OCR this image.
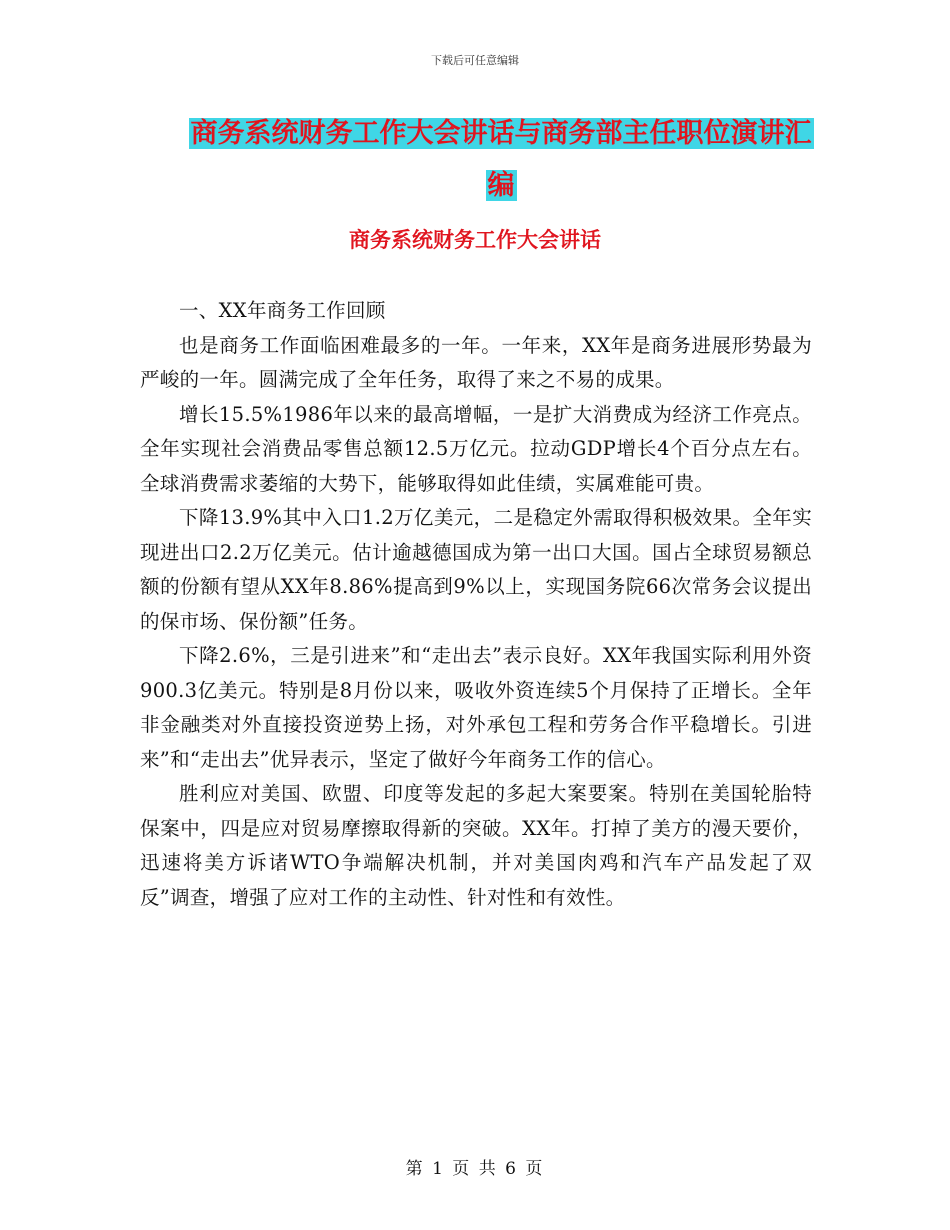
下载后可任意编辑
商务系统财务工作大会讲话与商务部主任职位演讲汇
编
商务系统财务工作大会讲话

一、XX年商务工作回顾

也是商务工作面临困难最多的一年。一年来，XX年是商务进展形势最为严峻的一年。圆满完成了全年任务，取得了来之不易的成果。

增长15.5%1986年以来的最高增幅，一是扩大消费成为经济工作亮点。全年实现社会消费品零售总额12.5万亿元。拉动GDP增长4个百分点左右。全球消费需求萎缩的大势下，能够取得如此佳绩，实属难能可贵。

下降13.9%其中入口1.2万亿美元，二是稳定外需取得积极效果。全年实现进出口2.2万亿美元。估计逾越德国成为第一出口大国。国占全球贸易额总额的份额有望从XX年8.86%提高到9%以上，实现国务院66次常务会议提出的保市场、保份额”任务。

下降2.6%，三是引进来”和“走出去”表示良好。XX年我国实际利用外资900.3亿美元。特别是8月份以来，吸收外资连续5个月保持了正增长。全年非金融类对外直接投资逆势上扬，对外承包工程和劳务合作平稳增长。引进来”和“走出去”优异表示，坚定了做好今年商务工作的信心。

胜利应对美国、欧盟、印度等发起的多起大案要案。特别在美国轮胎特保案中，四是应对贸易摩擦取得新的突破。XX年。打掉了美方的漫天要价，迅速将美方诉诸WTO争端解决机制，并对美国肉鸡和汽车产品发起了双反”调查，增强了应对工作的主动性、针对性和有效性。

第 1 页 共 6 页
